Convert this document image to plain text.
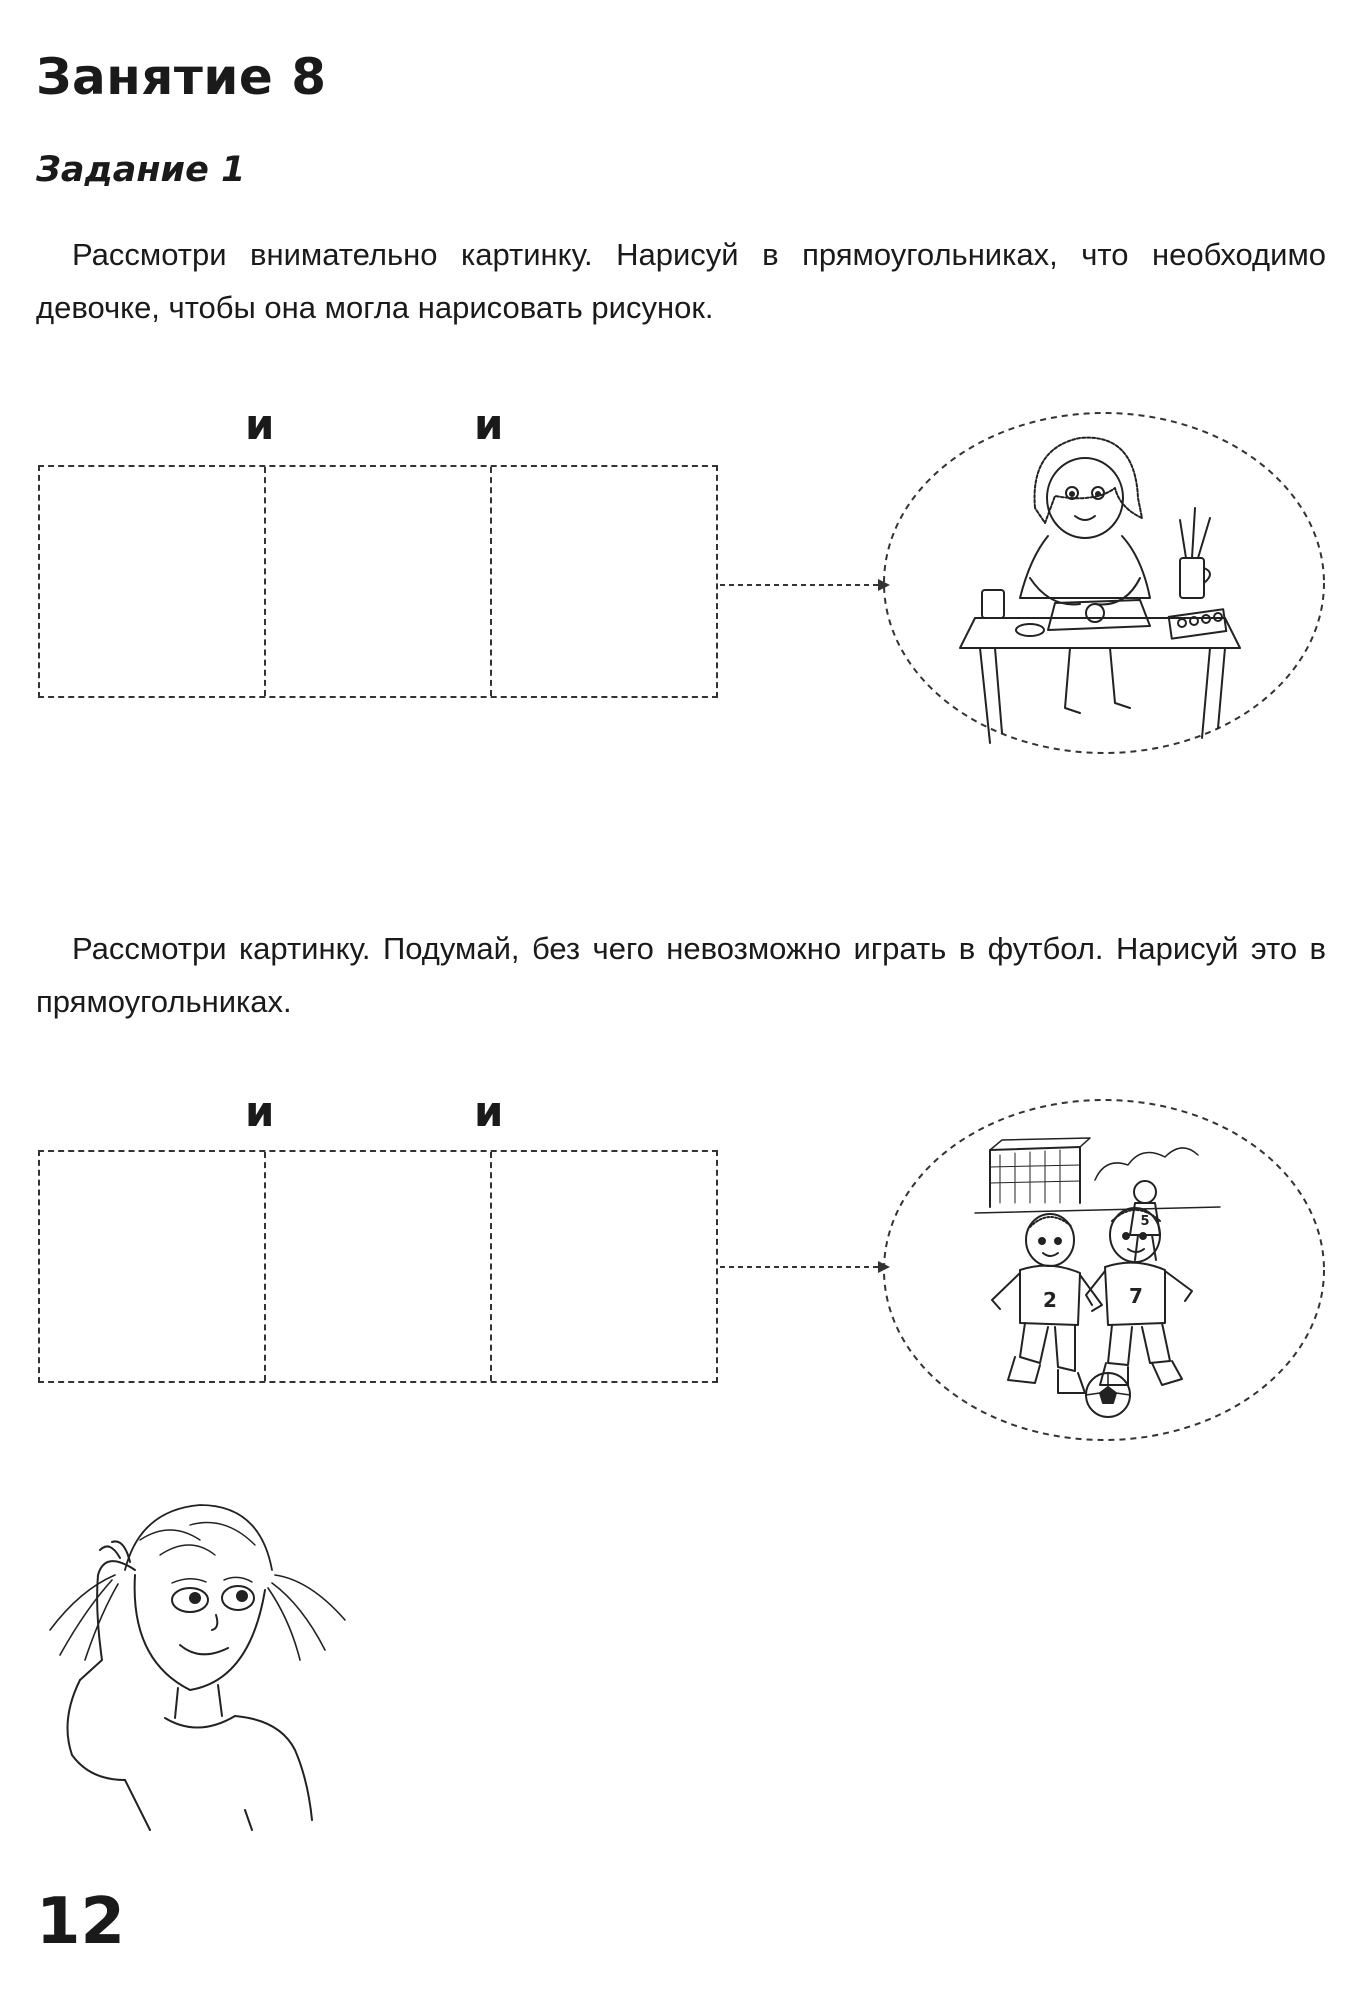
Занятие 8
Задание 1

Рассмотри внимательно картинку. Нарисуй в прямоугольниках, что необходимо девочке, чтобы она могла нарисовать рисунок.

и	и

Рассмотри картинку. Подумай, без чего невозможно играть в футбол. Нарисуй это в прямоугольниках.

и	и
2	7
5

12
